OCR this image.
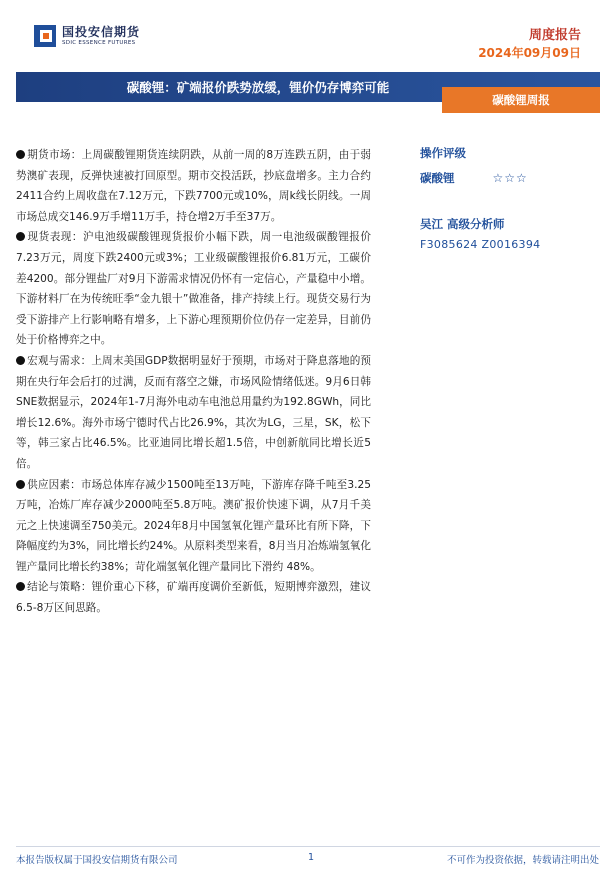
国投安信期货
SDIC ESSENCE FUTURES	周度报告
2024年09月09日
碳酸锂：矿端报价跌势放缓，锂价仍存博弈可能
碳酸锂周报

期货市场：上周碳酸锂期货连续阴跌，从前一周的8万连跌五阴，由于弱势澳矿表现，反弹快速被打回原型。期市交投活跃，抄底盘增多。主力合约2411合约上周收盘在7.12万元，下跌7700元或10%，周k线长阴线。一周市场总成交146.9万手增11万手，持仓增2万手至37万。

现货表现：沪电池级碳酸锂现货报价小幅下跌，周一电池级碳酸锂报价7.23万元，周度下跌2400元或3%；工业级碳酸锂报价6.81万元，工碳价差4200。部分锂盐厂对9月下游需求情况仍怀有一定信心，产量稳中小增。下游材料厂在为传统旺季“金九银十”做准备，排产持续上行。现货交易行为受下游排产上行影响略有增多，上下游心理预期价位仍存一定差异，目前仍处于价格博弈之中。

宏观与需求：上周末美国GDP数据明显好于预期，市场对于降息落地的预期在央行年会后打的过满，反而有落空之嫌，市场风险情绪低迷。9月6日韩SNE数据显示，2024年1-7月海外电动车电池总用量约为192.8GWh，同比增长12.6%。海外市场宁德时代占比26.9%，其次为LG，三星，SK，松下等，韩三家占比46.5%。比亚迪同比增长超1.5倍，中创新航同比增长近5倍。

供应因素：市场总体库存减少1500吨至13万吨，下游库存降千吨至3.25万吨，冶炼厂库存减少2000吨至5.8万吨。澳矿报价快速下调，从7月千美元之上快速调至750美元。2024年8月中国氢氧化锂产量环比有所下降，下降幅度约为3%，同比增长约24%。从原料类型来看，8月当月冶炼端氢氧化锂产量同比增长约38%；苛化端氢氧化锂产量同比下滑约 48%。

结论与策略：锂价重心下移，矿端再度调价至新低，短期博弈激烈，建议6.5-8万区间思路。

操作评级
碳酸锂	☆☆☆
吴江 高级分析师
F3085624 Z0016394
本报告版权属于国投安信期货有限公司	1	不可作为投资依据，转载请注明出处
